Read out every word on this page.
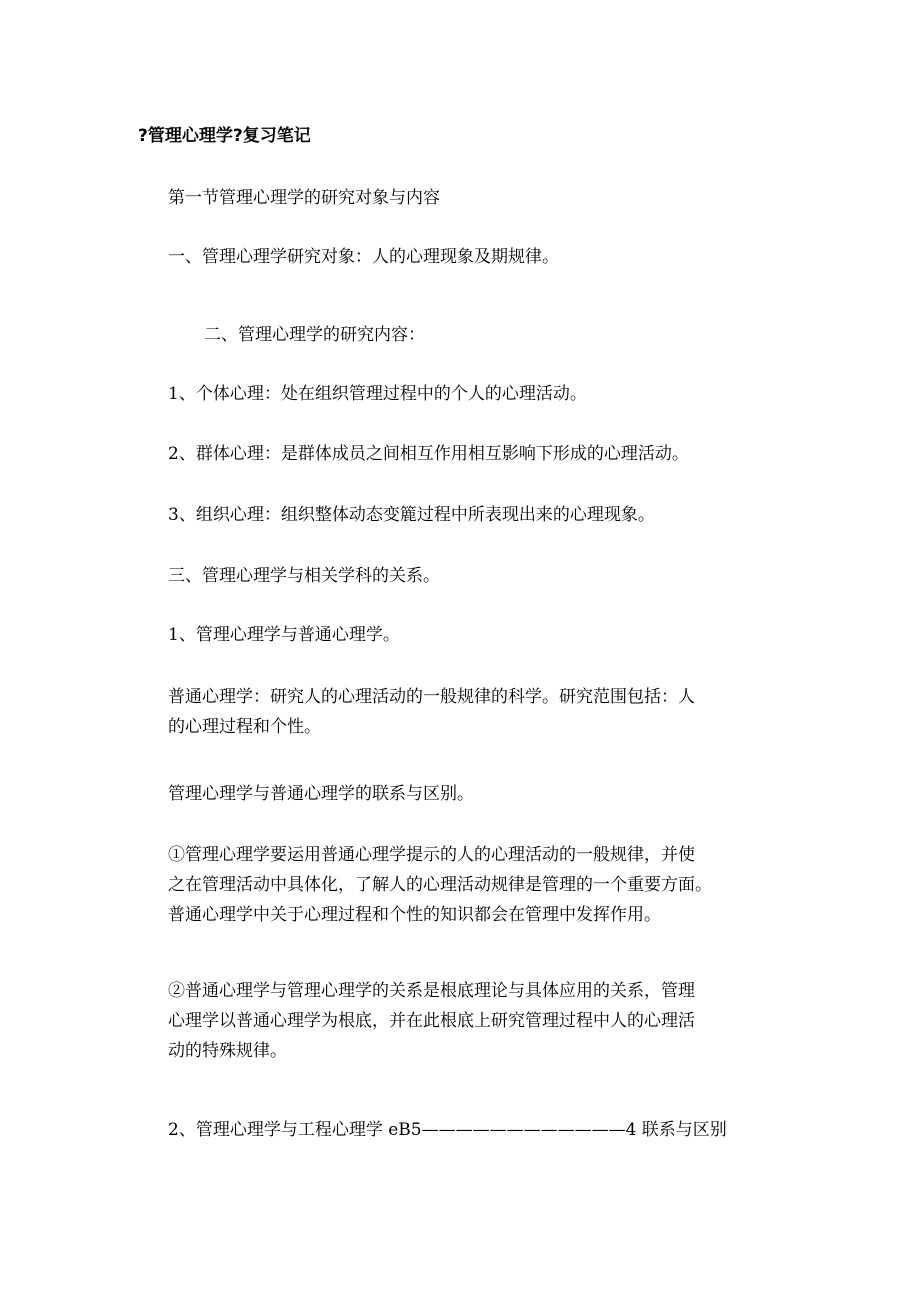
?管理心理学?复习笔记
第一节管理心理学的研究对象与内容
一、管理心理学研究对象：人的心理现象及期规律。
二、管理心理学的研究内容：
1、个体心理：处在组织管理过程中的个人的心理活动。
2、群体心理：是群体成员之间相互作用相互影响下形成的心理活动。
3、组织心理：组织整体动态变簏过程中所表现出来的心理现象。
三、管理心理学与相关学科的关系。
1、管理心理学与普通心理学。
普通心理学：研究人的心理活动的一般规律的科学。研究范围包括：人
的心理过程和个性。
管理心理学与普通心理学的联系与区别。
①管理心理学要运用普通心理学提示的人的心理活动的一般规律，并使
之在管理活动中具体化，了解人的心理活动规律是管理的一个重要方面。
普通心理学中关于心理过程和个性的知识都会在管理中发挥作用。
②普通心理学与管理心理学的关系是根底理论与具体应用的关系，管理
心理学以普通心理学为根底，并在此根底上研究管理过程中人的心理活
动的特殊规律。
2、管理心理学与工程心理学 eB5————————————4 联系与区别
